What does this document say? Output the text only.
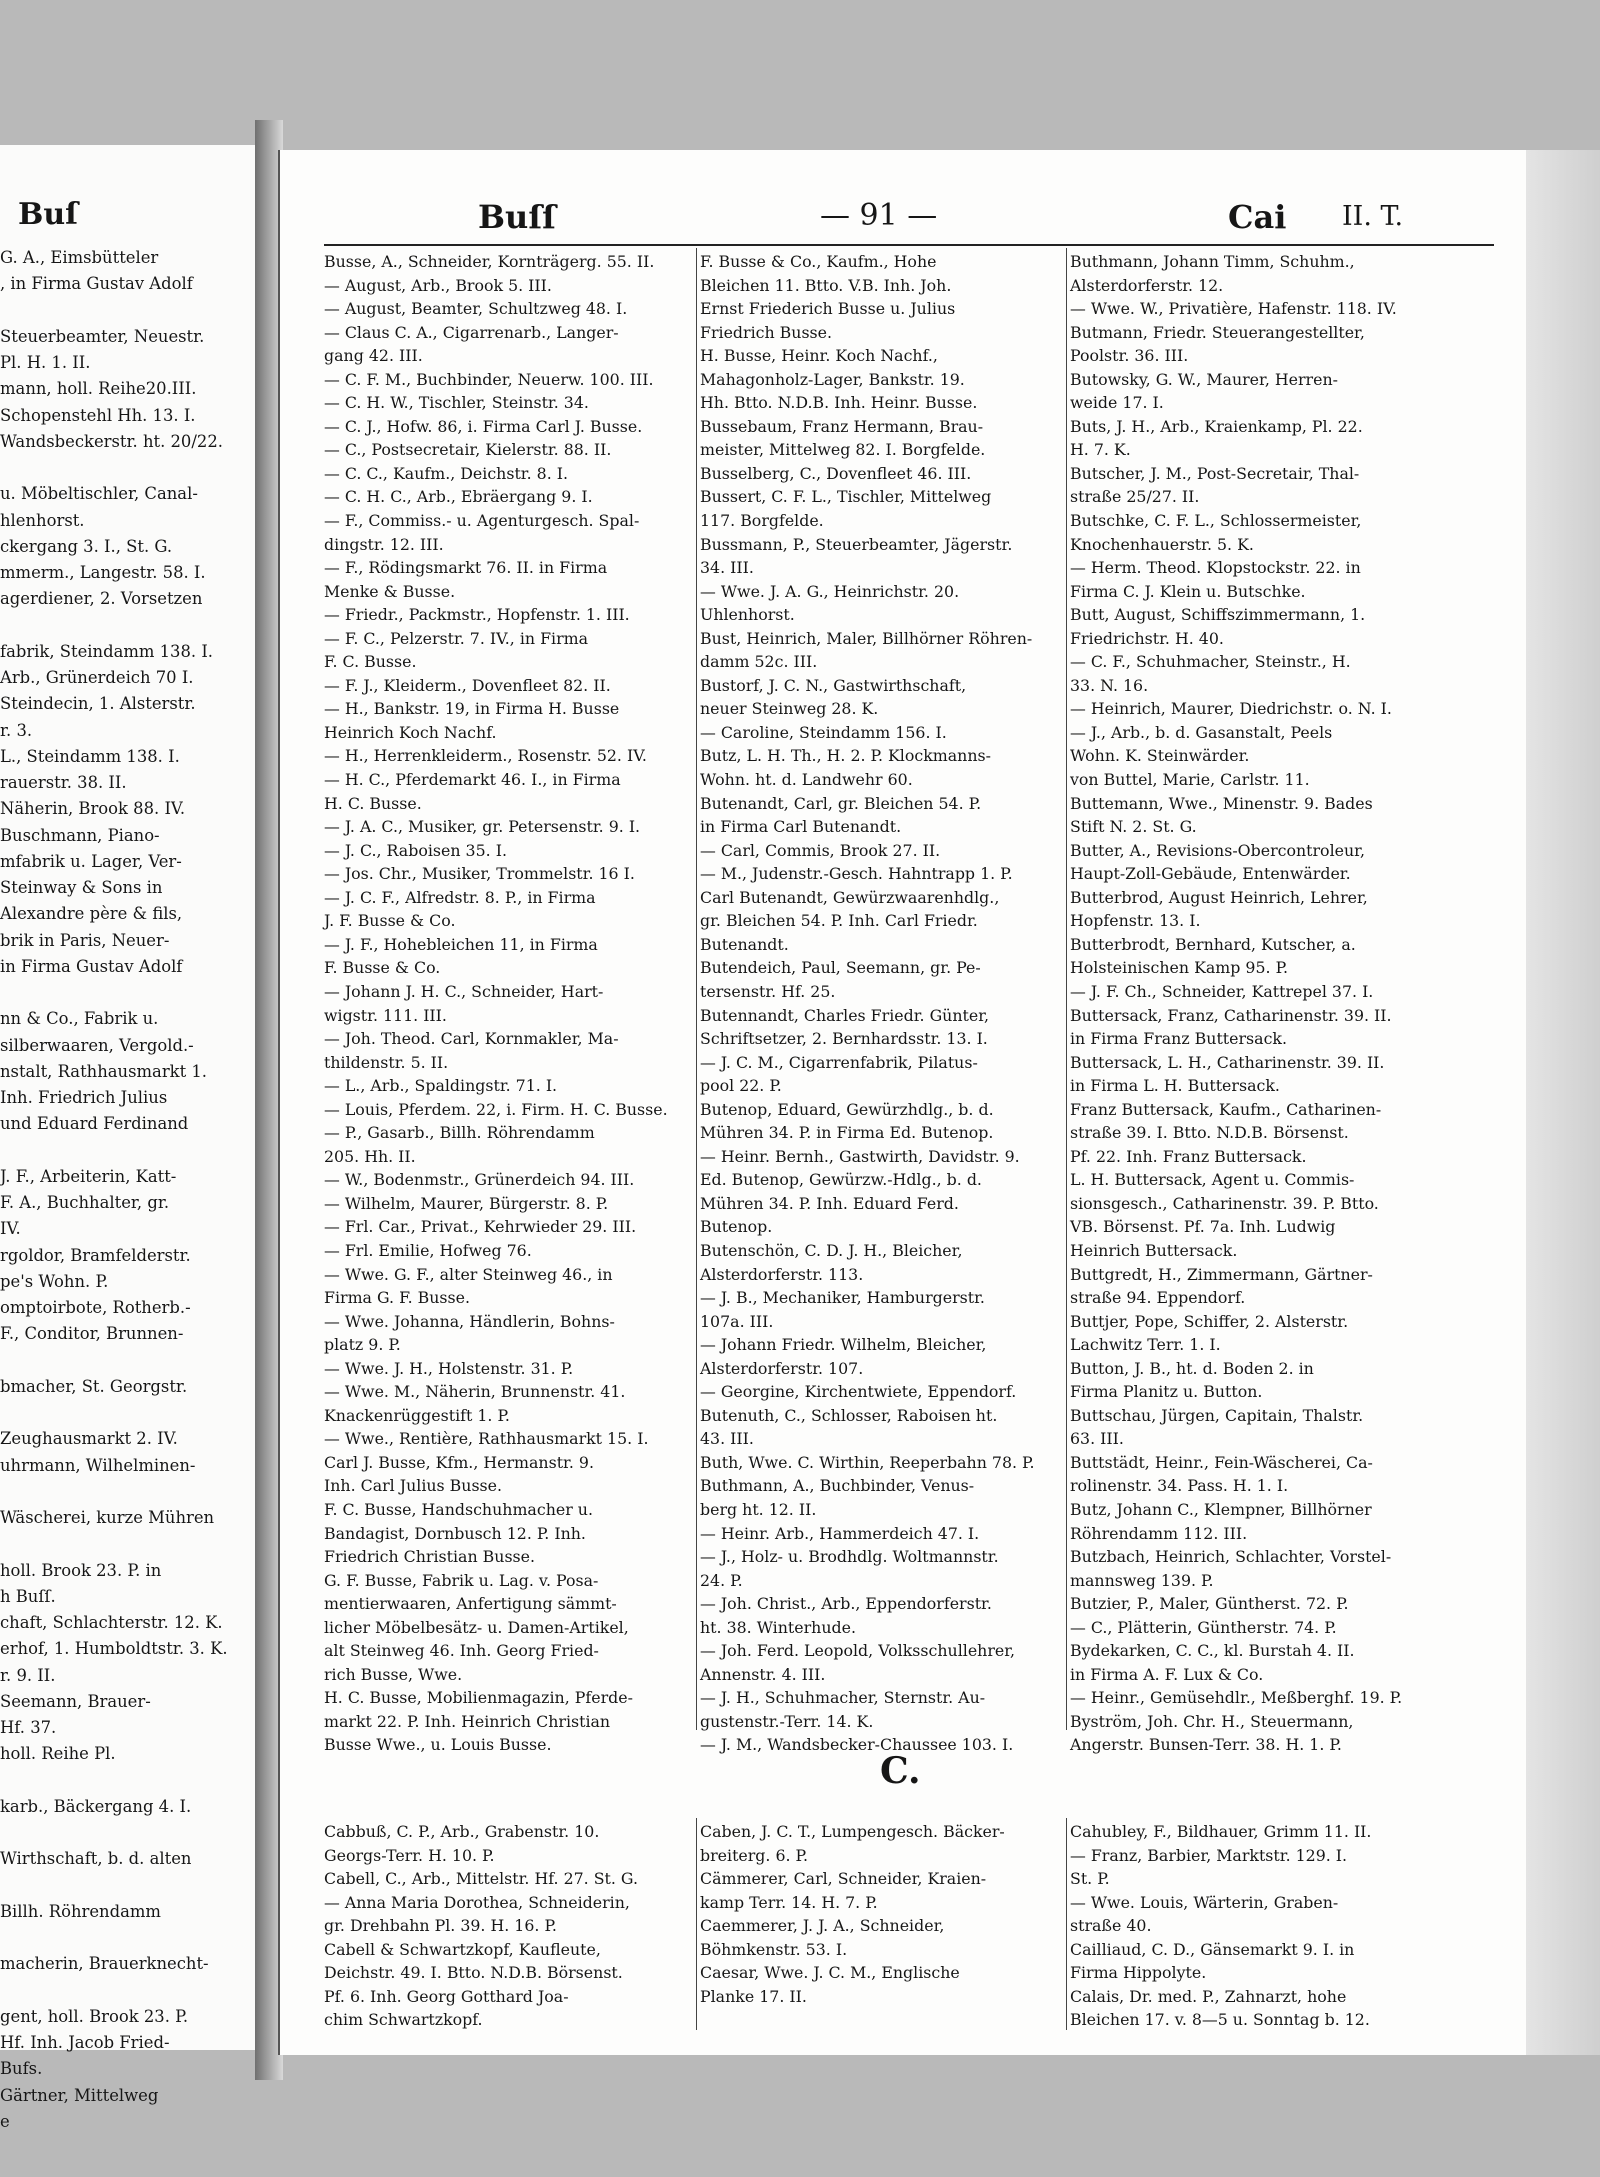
Buſ
G. A., Eimsbütteler
, in Firma Gustav Adolf

Steuerbeamter, Neuestr.
Pl. H. 1. II.
mann, holl. Reihe20.III.
Schopenstehl Hh. 13. I.
Wandsbeckerstr. ht. 20/22.

u. Möbeltischler, Canal-
hlenhorst.
ckergang 3. I., St. G.
mmerm., Langestr. 58. I.
agerdiener, 2. Vorsetzen

fabrik, Steindamm 138. I.
Arb., Grünerdeich 70 I.
Steindecin, 1. Alsterstr.
r. 3.
L., Steindamm 138. I.
rauerstr. 38. II.
Näherin, Brook 88. IV.
Buschmann, Piano-
mfabrik u. Lager, Ver-
Steinway & Sons in
Alexandre père & fils,
brik in Paris, Neuer-
in Firma Gustav Adolf

nn & Co., Fabrik u.
silberwaaren, Vergold.-
nstalt, Rathhausmarkt 1.
Inh. Friedrich Julius
und Eduard Ferdinand

J. F., Arbeiterin, Katt-
F. A., Buchhalter, gr.
IV.
rgoldor, Bramfelderstr.
pe's Wohn. P.
omptoirbote, Rotherb.-
F., Conditor, Brunnen-

bmacher, St. Georgstr.

Zeughausmarkt 2. IV.
uhrmann, Wilhelminen-

Wäscherei, kurze Mühren

holl. Brook 23. P. in
h Buſſ.
chaft, Schlachterstr. 12. K.
erhof, 1. Humboldtstr. 3. K.
r. 9. II.
Seemann, Brauer-
Hf. 37.
holl. Reihe Pl.

karb., Bäckergang 4. I.

Wirthschaft, b. d. alten

Billh. Röhrendamm

macherin, Brauerknecht-

gent, holl. Brook 23. P.
Hf. Inh. Jacob Fried-
Bufs.
Gärtner, Mittelweg
e
Buſſ	— 91 —	Cai II. T.
Busse, A., Schneider, Kornträgerg. 55. II.
— August, Arb., Brook 5. III.
— August, Beamter, Schultzweg 48. I.
— Claus C. A., Cigarrenarb., Langer-
gang 42. III.
— C. F. M., Buchbinder, Neuerw. 100. III.
— C. H. W., Tischler, Steinstr. 34.
— C. J., Hofw. 86, i. Firma Carl J. Busse.
— C., Postsecretair, Kielerstr. 88. II.
— C. C., Kaufm., Deichstr. 8. I.
— C. H. C., Arb., Ebräergang 9. I.
— F., Commiss.- u. Agenturgesch. Spal-
dingstr. 12. III.
— F., Rödingsmarkt 76. II. in Firma
Menke & Busse.
— Friedr., Packmstr., Hopfenstr. 1. III.
— F. C., Pelzerstr. 7. IV., in Firma
F. C. Busse.
— F. J., Kleiderm., Dovenfleet 82. II.
— H., Bankstr. 19, in Firma H. Busse
Heinrich Koch Nachf.
— H., Herrenkleiderm., Rosenstr. 52. IV.
— H. C., Pferdemarkt 46. I., in Firma
H. C. Busse.
— J. A. C., Musiker, gr. Petersenstr. 9. I.
— J. C., Raboisen 35. I.
— Jos. Chr., Musiker, Trommelstr. 16 I.
— J. C. F., Alfredstr. 8. P., in Firma
J. F. Busse & Co.
— J. F., Hohebleichen 11, in Firma
F. Busse & Co.
— Johann J. H. C., Schneider, Hart-
wigstr. 111. III.
— Joh. Theod. Carl, Kornmakler, Ma-
thildenstr. 5. II.
— L., Arb., Spaldingstr. 71. I.
— Louis, Pferdem. 22, i. Firm. H. C. Busse.
— P., Gasarb., Billh. Röhrendamm
205. Hh. II.
— W., Bodenmstr., Grünerdeich 94. III.
— Wilhelm, Maurer, Bürgerstr. 8. P.
— Frl. Car., Privat., Kehrwieder 29. III.
— Frl. Emilie, Hofweg 76.
— Wwe. G. F., alter Steinweg 46., in
Firma G. F. Busse.
— Wwe. Johanna, Händlerin, Bohns-
platz 9. P.
— Wwe. J. H., Holstenstr. 31. P.
— Wwe. M., Näherin, Brunnenstr. 41.
Knackenrüggestift 1. P.
— Wwe., Rentière, Rathhausmarkt 15. I.
Carl J. Busse, Kfm., Hermanstr. 9.
Inh. Carl Julius Busse.
F. C. Busse, Handschuhmacher u.
Bandagist, Dornbusch 12. P. Inh.
Friedrich Christian Busse.
G. F. Busse, Fabrik u. Lag. v. Posa-
mentierwaaren, Anfertigung sämmt-
licher Möbelbesätz- u. Damen-Artikel,
alt Steinweg 46. Inh. Georg Fried-
rich Busse, Wwe.
H. C. Busse, Mobilienmagazin, Pferde-
markt 22. P. Inh. Heinrich Christian
Busse Wwe., u. Louis Busse.
F. Busse & Co., Kaufm., Hohe
Bleichen 11. Btto. V.B. Inh. Joh.
Ernst Friederich Busse u. Julius
Friedrich Busse.
H. Busse, Heinr. Koch Nachf.,
Mahagonholz-Lager, Bankstr. 19.
Hh. Btto. N.D.B. Inh. Heinr. Busse.
Bussebaum, Franz Hermann, Brau-
meister, Mittelweg 82. I. Borgfelde.
Busselberg, C., Dovenfleet 46. III.
Bussert, C. F. L., Tischler, Mittelweg
117. Borgfelde.
Bussmann, P., Steuerbeamter, Jägerstr.
34. III.
— Wwe. J. A. G., Heinrichstr. 20.
Uhlenhorst.
Bust, Heinrich, Maler, Billhörner Röhren-
damm 52c. III.
Bustorf, J. C. N., Gastwirthschaft,
neuer Steinweg 28. K.
— Caroline, Steindamm 156. I.
Butz, L. H. Th., H. 2. P. Klockmanns-
Wohn. ht. d. Landwehr 60.
Butenandt, Carl, gr. Bleichen 54. P.
in Firma Carl Butenandt.
— Carl, Commis, Brook 27. II.
— M., Judenstr.-Gesch. Hahntrapp 1. P.
Carl Butenandt, Gewürzwaarenhdlg.,
gr. Bleichen 54. P. Inh. Carl Friedr.
Butenandt.
Butendeich, Paul, Seemann, gr. Pe-
tersenstr. Hf. 25.
Butennandt, Charles Friedr. Günter,
Schriftsetzer, 2. Bernhardsstr. 13. I.
— J. C. M., Cigarrenfabrik, Pilatus-
pool 22. P.
Butenop, Eduard, Gewürzhdlg., b. d.
Mühren 34. P. in Firma Ed. Butenop.
— Heinr. Bernh., Gastwirth, Davidstr. 9.
Ed. Butenop, Gewürzw.-Hdlg., b. d.
Mühren 34. P. Inh. Eduard Ferd.
Butenop.
Butenschön, C. D. J. H., Bleicher,
Alsterdorferstr. 113.
— J. B., Mechaniker, Hamburgerstr.
107a. III.
— Johann Friedr. Wilhelm, Bleicher,
Alsterdorferstr. 107.
— Georgine, Kirchentwiete, Eppendorf.
Butenuth, C., Schlosser, Raboisen ht.
43. III.
Buth, Wwe. C. Wirthin, Reeperbahn 78. P.
Buthmann, A., Buchbinder, Venus-
berg ht. 12. II.
— Heinr. Arb., Hammerdeich 47. I.
— J., Holz- u. Brodhdlg. Woltmannstr.
24. P.
— Joh. Christ., Arb., Eppendorferstr.
ht. 38. Winterhude.
— Joh. Ferd. Leopold, Volksschullehrer,
Annenstr. 4. III.
— J. H., Schuhmacher, Sternstr. Au-
gustenstr.-Terr. 14. K.
— J. M., Wandsbecker-Chaussee 103. I.
Buthmann, Johann Timm, Schuhm.,
Alsterdorferstr. 12.
— Wwe. W., Privatière, Hafenstr. 118. IV.
Butmann, Friedr. Steuerangestellter,
Poolstr. 36. III.
Butowsky, G. W., Maurer, Herren-
weide 17. I.
Buts, J. H., Arb., Kraienkamp, Pl. 22.
H. 7. K.
Butscher, J. M., Post-Secretair, Thal-
straße 25/27. II.
Butschke, C. F. L., Schlossermeister,
Knochenhauerstr. 5. K.
— Herm. Theod. Klopstockstr. 22. in
Firma C. J. Klein u. Butschke.
Butt, August, Schiffszimmermann, 1.
Friedrichstr. H. 40.
— C. F., Schuhmacher, Steinstr., H.
33. N. 16.
— Heinrich, Maurer, Diedrichstr. o. N. I.
— J., Arb., b. d. Gasanstalt, Peels
Wohn. K. Steinwärder.
von Buttel, Marie, Carlstr. 11.
Buttemann, Wwe., Minenstr. 9. Bades
Stift N. 2. St. G.
Butter, A., Revisions-Obercontroleur,
Haupt-Zoll-Gebäude, Entenwärder.
Butterbrod, August Heinrich, Lehrer,
Hopfenstr. 13. I.
Butterbrodt, Bernhard, Kutscher, a.
Holsteinischen Kamp 95. P.
— J. F. Ch., Schneider, Kattrepel 37. I.
Buttersack, Franz, Catharinenstr. 39. II.
in Firma Franz Buttersack.
Buttersack, L. H., Catharinenstr. 39. II.
in Firma L. H. Buttersack.
Franz Buttersack, Kaufm., Catharinen-
straße 39. I. Btto. N.D.B. Börsenst.
Pf. 22. Inh. Franz Buttersack.
L. H. Buttersack, Agent u. Commis-
sionsgesch., Catharinenstr. 39. P. Btto.
VB. Börsenst. Pf. 7a. Inh. Ludwig
Heinrich Buttersack.
Buttgredt, H., Zimmermann, Gärtner-
straße 94. Eppendorf.
Buttjer, Pope, Schiffer, 2. Alsterstr.
Lachwitz Terr. 1. I.
Button, J. B., ht. d. Boden 2. in
Firma Planitz u. Button.
Buttschau, Jürgen, Capitain, Thalstr.
63. III.
Buttstädt, Heinr., Fein-Wäscherei, Ca-
rolinenstr. 34. Pass. H. 1. I.
Butz, Johann C., Klempner, Billhörner
Röhrendamm 112. III.
Butzbach, Heinrich, Schlachter, Vorstel-
mannsweg 139. P.
Butzier, P., Maler, Güntherst. 72. P.
— C., Plätterin, Güntherstr. 74. P.
Bydekarken, C. C., kl. Burstah 4. II.
in Firma A. F. Lux & Co.
— Heinr., Gemüsehdlr., Meßberghf. 19. P.
Byström, Joh. Chr. H., Steuermann,
Angerstr. Bunsen-Terr. 38. H. 1. P.
C.
Cabbuß, C. P., Arb., Grabenstr. 10.
Georgs-Terr. H. 10. P.
Cabell, C., Arb., Mittelstr. Hf. 27. St. G.
— Anna Maria Dorothea, Schneiderin,
gr. Drehbahn Pl. 39. H. 16. P.
Cabell & Schwartzkopf, Kaufleute,
Deichstr. 49. I. Btto. N.D.B. Börsenst.
Pf. 6. Inh. Georg Gotthard Joa-
chim Schwartzkopf.
Caben, J. C. T., Lumpengesch. Bäcker-
breiterg. 6. P.
Cämmerer, Carl, Schneider, Kraien-
kamp Terr. 14. H. 7. P.
Caemmerer, J. J. A., Schneider,
Böhmkenstr. 53. I.
Caesar, Wwe. J. C. M., Englische
Planke 17. II.
Cahubley, F., Bildhauer, Grimm 11. II.
— Franz, Barbier, Marktstr. 129. I.
St. P.
— Wwe. Louis, Wärterin, Graben-
straße 40.
Cailliaud, C. D., Gänsemarkt 9. I. in
Firma Hippolyte.
Calais, Dr. med. P., Zahnarzt, hohe
Bleichen 17. v. 8—5 u. Sonntag b. 12.
